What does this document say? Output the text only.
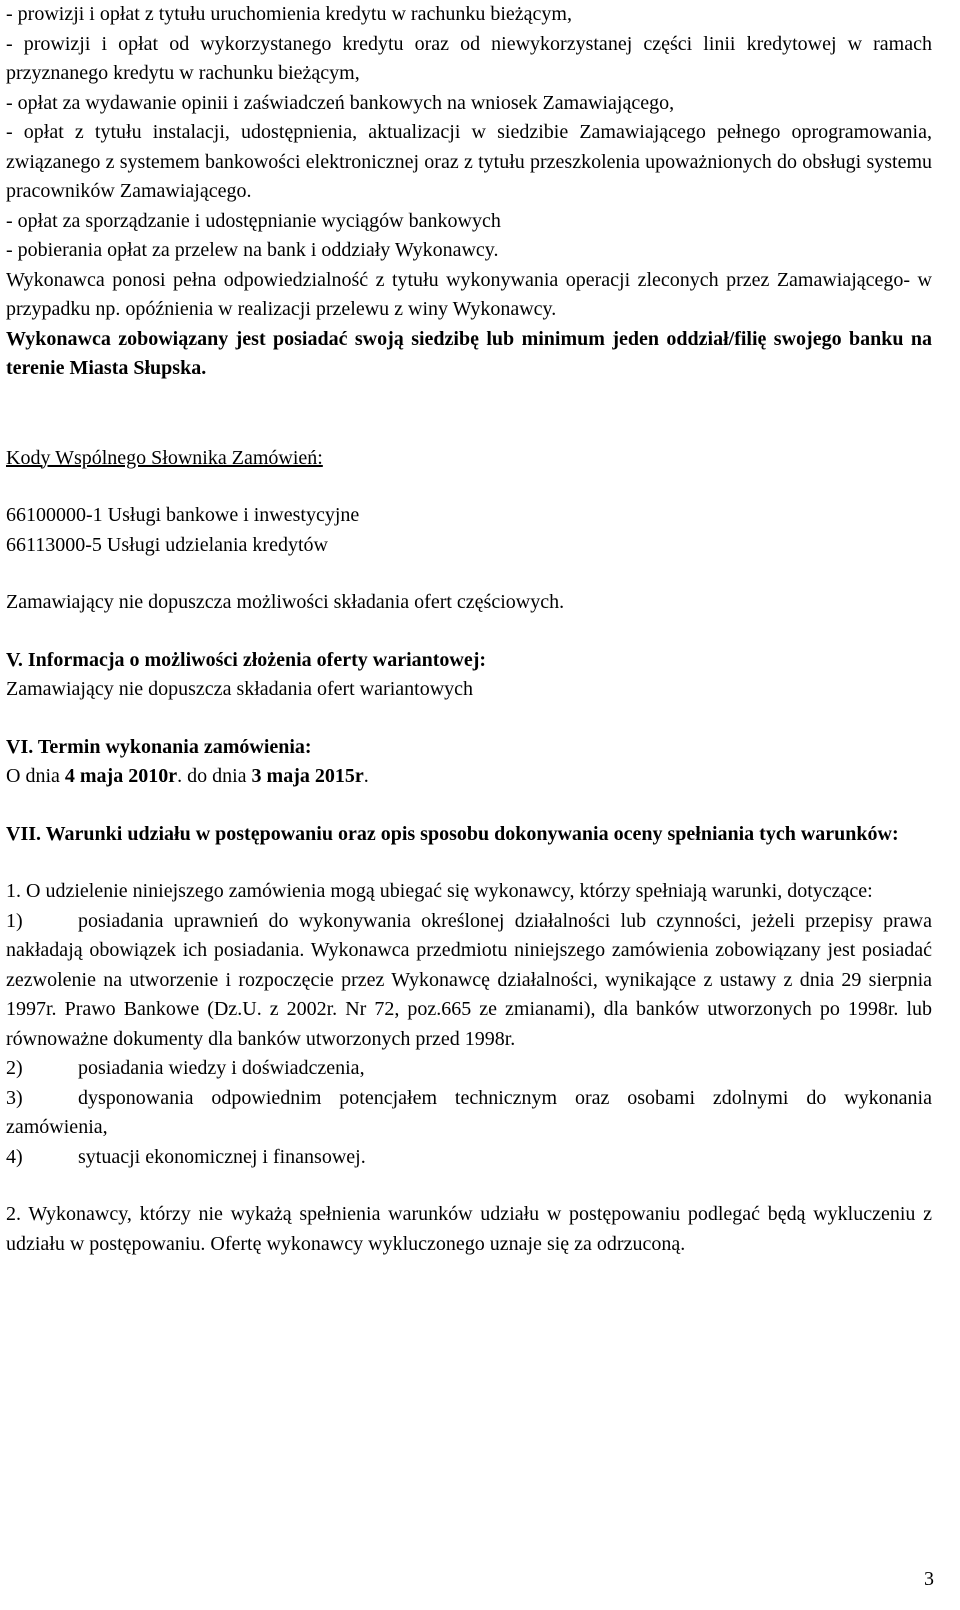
- prowizji i opłat z tytułu uruchomienia kredytu w rachunku bieżącym,

- prowizji i opłat od wykorzystanego kredytu oraz od niewykorzystanej części linii kredytowej w ramach przyznanego kredytu w rachunku bieżącym,

- opłat za wydawanie opinii i zaświadczeń bankowych na wniosek Zamawiającego,

- opłat z tytułu instalacji, udostępnienia, aktualizacji w siedzibie Zamawiającego pełnego oprogramowania, związanego z systemem bankowości elektronicznej oraz z tytułu przeszkolenia upoważnionych do obsługi systemu pracowników Zamawiającego.

- opłat za sporządzanie i udostępnianie wyciągów bankowych

- pobierania opłat za przelew na bank i oddziały Wykonawcy.

Wykonawca ponosi pełna odpowiedzialność z tytułu wykonywania operacji zleconych przez Zamawiającego- w przypadku np. opóźnienia w realizacji przelewu z winy Wykonawcy.

Wykonawca zobowiązany jest posiadać swoją siedzibę lub minimum jeden oddział/filię swojego banku na terenie Miasta Słupska.

Kody Wspólnego Słownika Zamówień:

66100000-1 Usługi bankowe i inwestycyjne

66113000-5 Usługi udzielania kredytów

Zamawiający nie dopuszcza możliwości składania ofert częściowych.

V. Informacja o możliwości złożenia oferty wariantowej:

Zamawiający nie dopuszcza składania ofert wariantowych

VI. Termin wykonania zamówienia:

O dnia 4 maja 2010r. do dnia 3 maja 2015r.

VII. Warunki udziału w postępowaniu oraz opis sposobu dokonywania oceny spełniania tych warunków:

1. O udzielenie niniejszego zamówienia mogą ubiegać się wykonawcy, którzy spełniają warunki, dotyczące:

1)	posiadania uprawnień do wykonywania określonej działalności lub czynności, jeżeli przepisy prawa nakładają obowiązek ich posiadania. Wykonawca przedmiotu niniejszego zamówienia zobowiązany jest posiadać zezwolenie na utworzenie i rozpoczęcie przez Wykonawcę działalności, wynikające z ustawy z dnia 29 sierpnia 1997r. Prawo Bankowe (Dz.U. z 2002r. Nr 72, poz.665 ze zmianami), dla banków utworzonych po 1998r. lub równoważne dokumenty dla banków utworzonych przed 1998r.

2)	posiadania wiedzy i doświadczenia,

3)	dysponowania odpowiednim potencjałem technicznym oraz osobami zdolnymi do wykonania zamówienia,

4)	sytuacji ekonomicznej i finansowej.

2. Wykonawcy, którzy nie wykażą spełnienia warunków udziału w postępowaniu podlegać będą wykluczeniu z udziału w postępowaniu. Ofertę wykonawcy wykluczonego uznaje się za odrzuconą.

3
